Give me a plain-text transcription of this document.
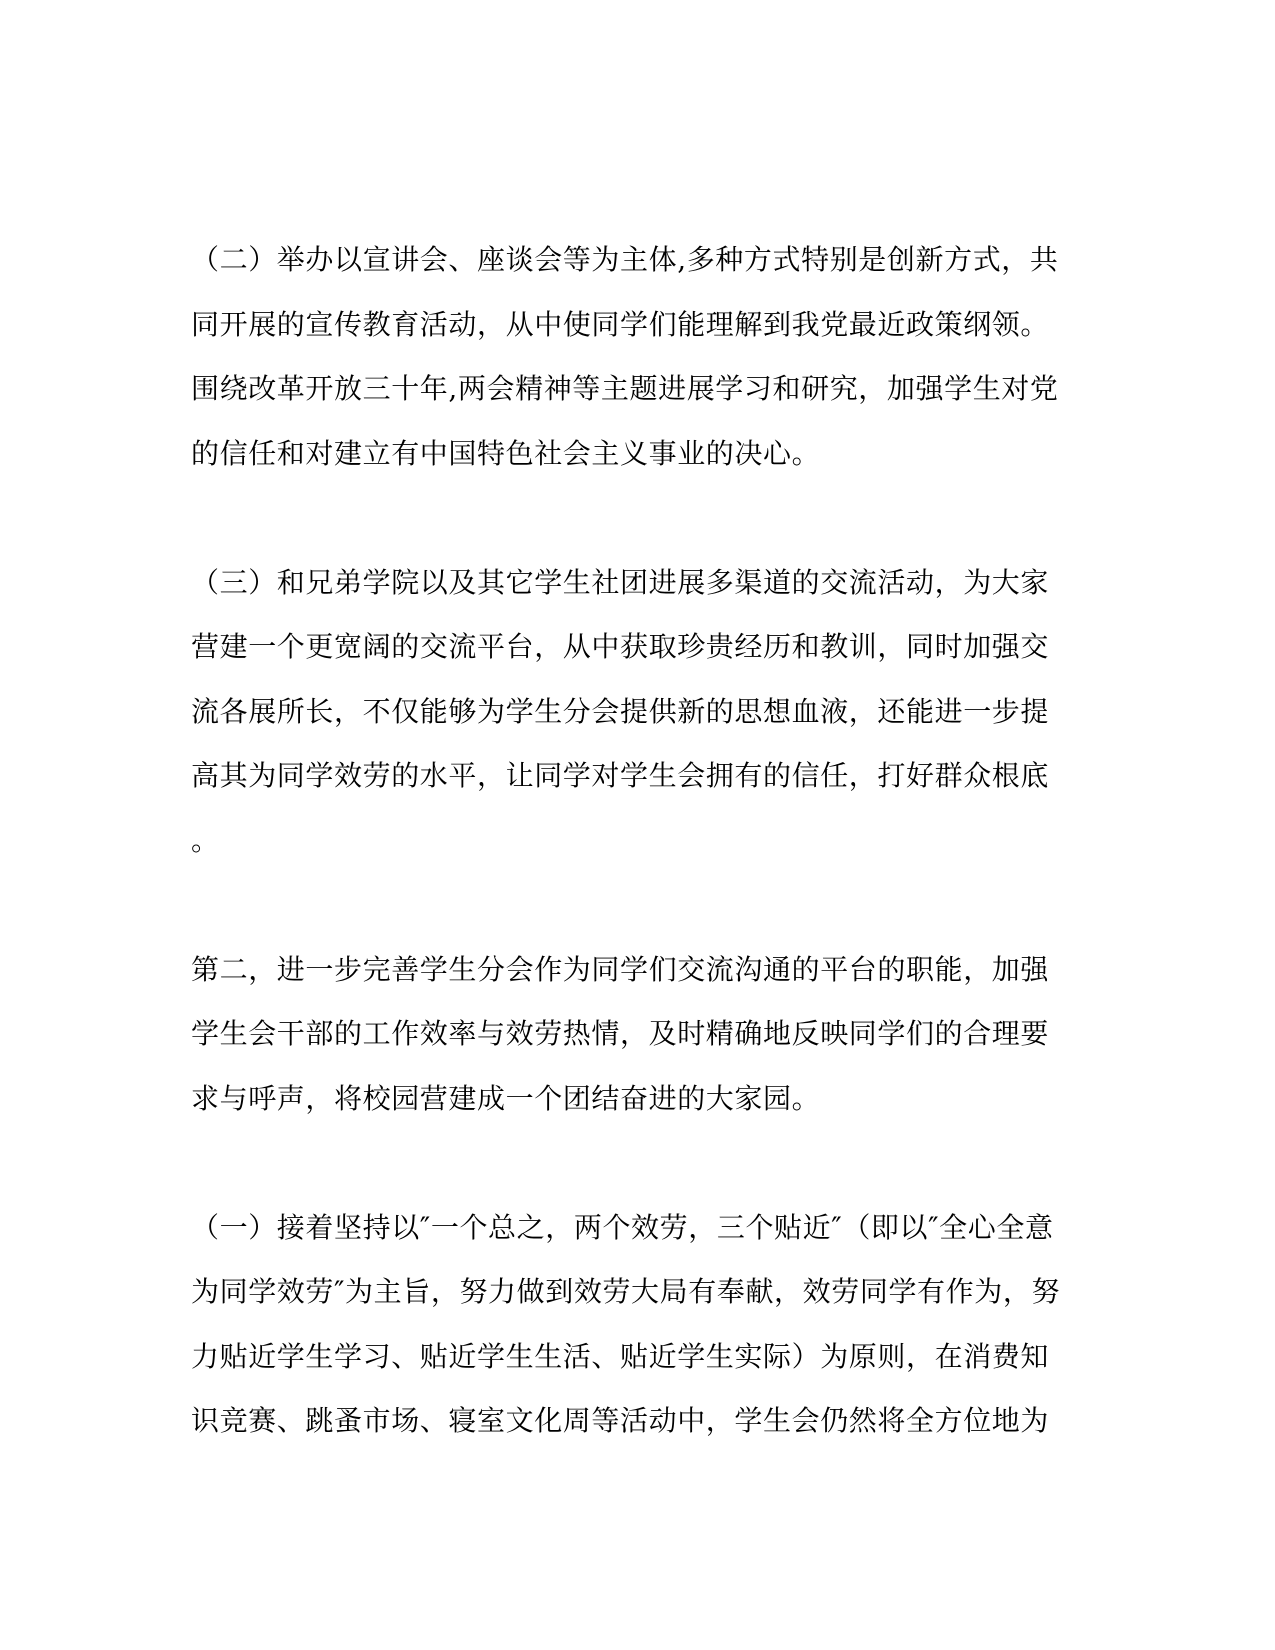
（二）举办以宣讲会、座谈会等为主体,多种方式特别是创新方式，共
同开展的宣传教育活动，从中使同学们能理解到我党最近政策纲领。
围绕改革开放三十年,两会精神等主题进展学习和研究，加强学生对党
的信任和对建立有中国特色社会主义事业的决心。
（三）和兄弟学院以及其它学生社团进展多渠道的交流活动，为大家
营建一个更宽阔的交流平台，从中获取珍贵经历和教训，同时加强交
流各展所长，不仅能够为学生分会提供新的思想血液，还能进一步提
高其为同学效劳的水平，让同学对学生会拥有的信任，打好群众根底
。
第二，进一步完善学生分会作为同学们交流沟通的平台的职能，加强
学生会干部的工作效率与效劳热情，及时精确地反映同学们的合理要
求与呼声，将校园营建成一个团结奋进的大家园。
（一）接着坚持以″一个总之，两个效劳，三个贴近″（即以″全心全意
为同学效劳″为主旨，努力做到效劳大局有奉献，效劳同学有作为，努
力贴近学生学习、贴近学生生活、贴近学生实际）为原则，在消费知
识竞赛、跳蚤市场、寝室文化周等活动中，学生会仍然将全方位地为
